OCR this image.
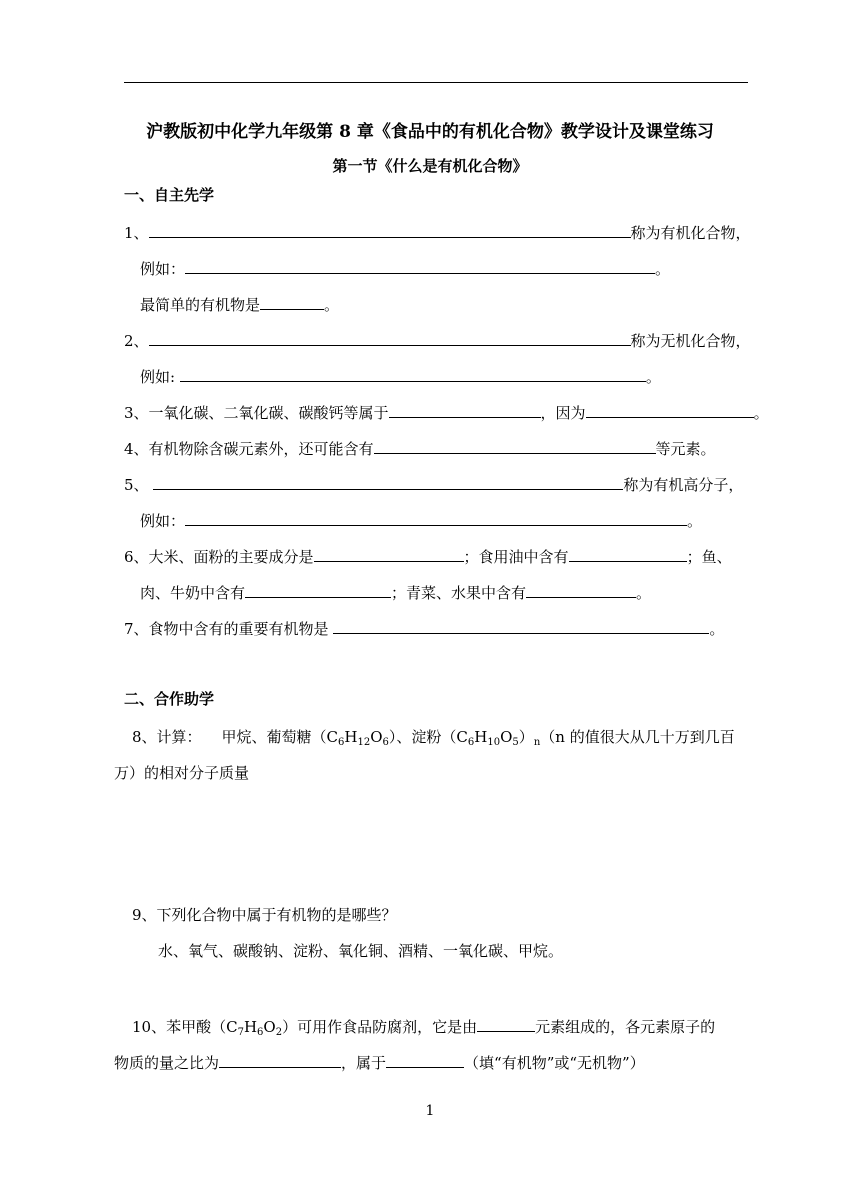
沪教版初中化学九年级第 8 章《食品中的有机化合物》教学设计及课堂练习
第一节《什么是有机化合物》
一、自主先学
1、	称为有机化合物，
例如：	。
最简单的有机物是	。
2、	称为无机化合物，
例如:	。
3、一氧化碳、二氧化碳、碳酸钙等属于	，因为	。
4、有机物除含碳元素外，还可能含有	等元素。
5、	称为有机高分子，
例如：	。
6、大米、面粉的主要成分是	；食用油中含有	；鱼、
肉、牛奶中含有	；青菜、水果中含有	。
7、食物中含有的重要有机物是	。
二、合作助学
8、计算： 甲烷、葡萄糖$(C_6H_{12}O_6)$、淀粉$(C_6H_{10}O_5)_n(n$ 的值很大从几十万到几百
万）的相对分子质量
9、下列化合物中属于有机物的是哪些？
水、氧气、碳酸钠、淀粉、氧化铜、酒精、一氧化碳、甲烷。
10、苯甲酸$(C_7H_6O_2)$可用作食品防腐剂，它是由	元素组成的，各元素原子的
物质的量之比为	，属于	（填“有机物”或“无机物”）
1
